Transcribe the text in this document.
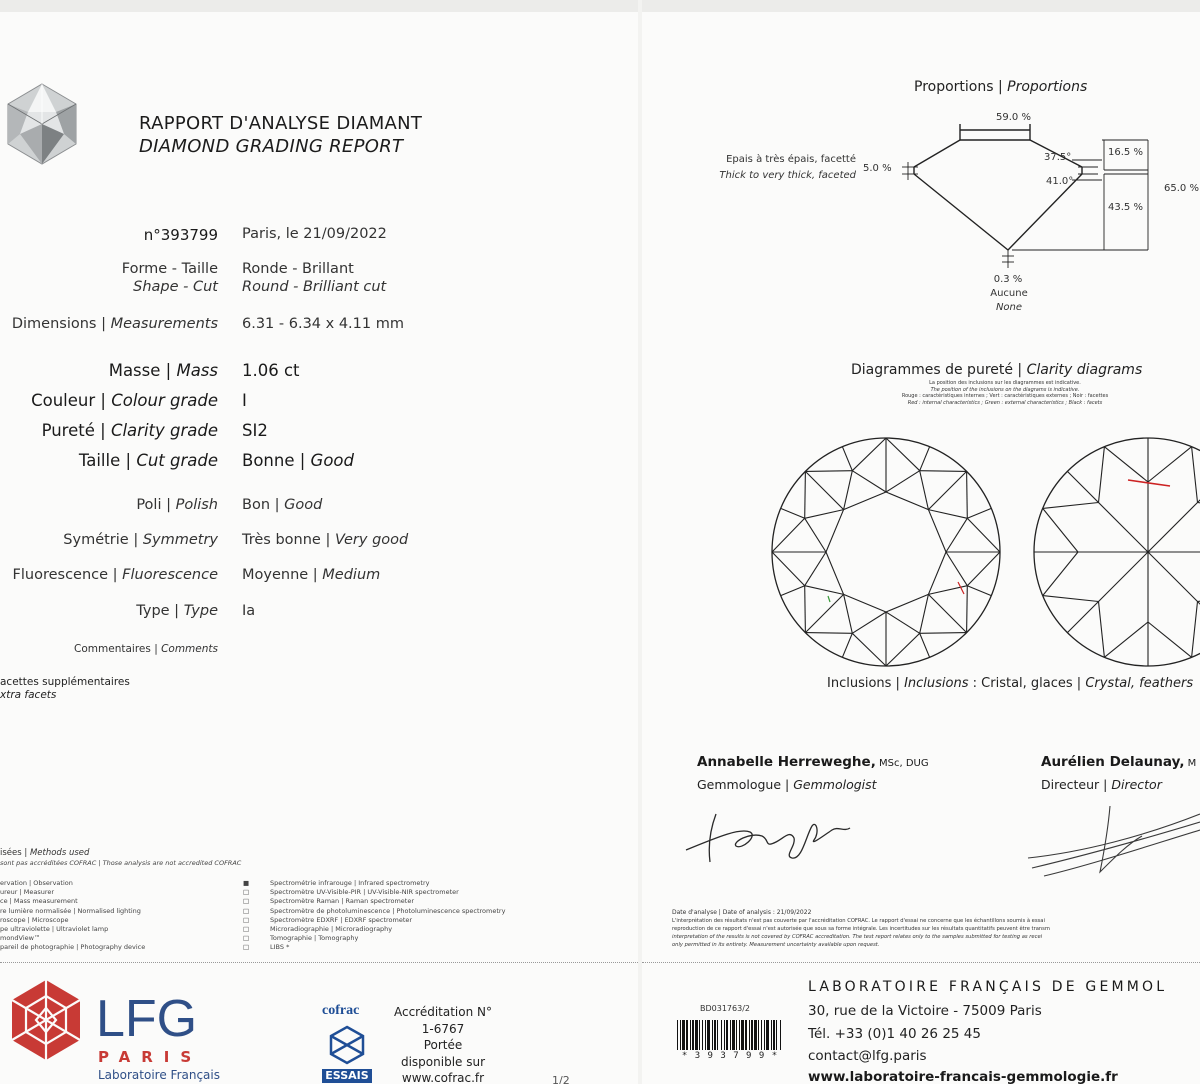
RAPPORT D'ANALYSE DIAMANT
DIAMOND GRADING REPORT
n°393799 Paris, le 21/09/2022
Forme - Taille
Shape - Cut
Ronde - Brillant
Round - Brilliant cut
Dimensions | Measurements 6.31 - 6.34 x 4.11 mm
Masse | Mass 1.06 ct
Couleur | Colour grade I
Pureté | Clarity grade SI2
Taille | Cut grade Bonne | Good
Poli | Polish Bon | Good
Symétrie | Symmetry Très bonne | Very good
Fluorescence | Fluorescence Moyenne | Medium
Type | Type Ia
Commentaires | Comments
acettes supplémentaires
xtra facets
isées | Methods used
sont pas accréditées COFRAC | Those analysis are not accredited COFRAC
ervation | Observation
ureur | Measurer
ce | Mass measurement
re lumière normalisée | Normalised lighting
roscope | Microscope
pe ultraviolette | Ultraviolet lamp
mondView™
pareil de photographie | Photography device
■
□
□
□
□
□
□
□
Spectrométrie infrarouge | Infrared spectrometry
Spectromètre UV-Visible-PIR | UV-Visible-NIR spectrometer
Spectromètre Raman | Raman spectrometer
Spectromètre de photoluminescence | Photoluminescence spectrometry
Spectromètre EDXRF | EDXRF spectrometer
Microradiographie | Microradiography
Tomographie | Tomography
LIBS *
LFG
PARIS
Laboratoire Français
cofrac
ESSAIS
Accréditation N°
1-6767
Portée
disponible sur
www.cofrac.fr	1/2
Proportions | Proportions
59.0 %
Epais à très épais, facetté
Thick to very thick, faceted
5.0 %
37.5°
41.0°
16.5 %
65.0 %
43.5 %
0.3 %
Aucune
None
Diagrammes de pureté | Clarity diagrams
La position des inclusions sur les diagrammes est indicative.
The position of the inclusions on the diagrams is indicative.
Rouge : caractéristiques internes ; Vert : caractéristiques externes ; Noir : facettes
Red : internal characteristics ; Green : external characteristics ; Black : facets
Inclusions | Inclusions : Cristal, glaces | Crystal, feathers
Annabelle Herreweghe, MSc, DUG
Gemmologue | Gemmologist
Aurélien Delaunay, M
Directeur | Director
Date d'analyse | Date of analysis : 21/09/2022
L'interprétation des résultats n'est pas couverte par l'accréditation COFRAC. Le rapport d'essai ne concerne que les échantillons soumis à essai
reproduction de ce rapport d'essai n'est autorisée que sous sa forme intégrale. Les incertitudes sur les résultats quantitatifs peuvent être transm
interpretation of the results is not covered by COFRAC accreditation. The test report relates only to the samples submitted for testing as recei
only permitted in its entirety. Measurement uncertainty available upon request.
BD031763/2
* 3 9 3 7 9 9 *
LABORATOIRE FRANÇAIS DE GEMMOL
30, rue de la Victoire - 75009 Paris
Tél. +33 (0)1 40 26 25 45
contact@lfg.paris
www.laboratoire-francais-gemmologie.fr
